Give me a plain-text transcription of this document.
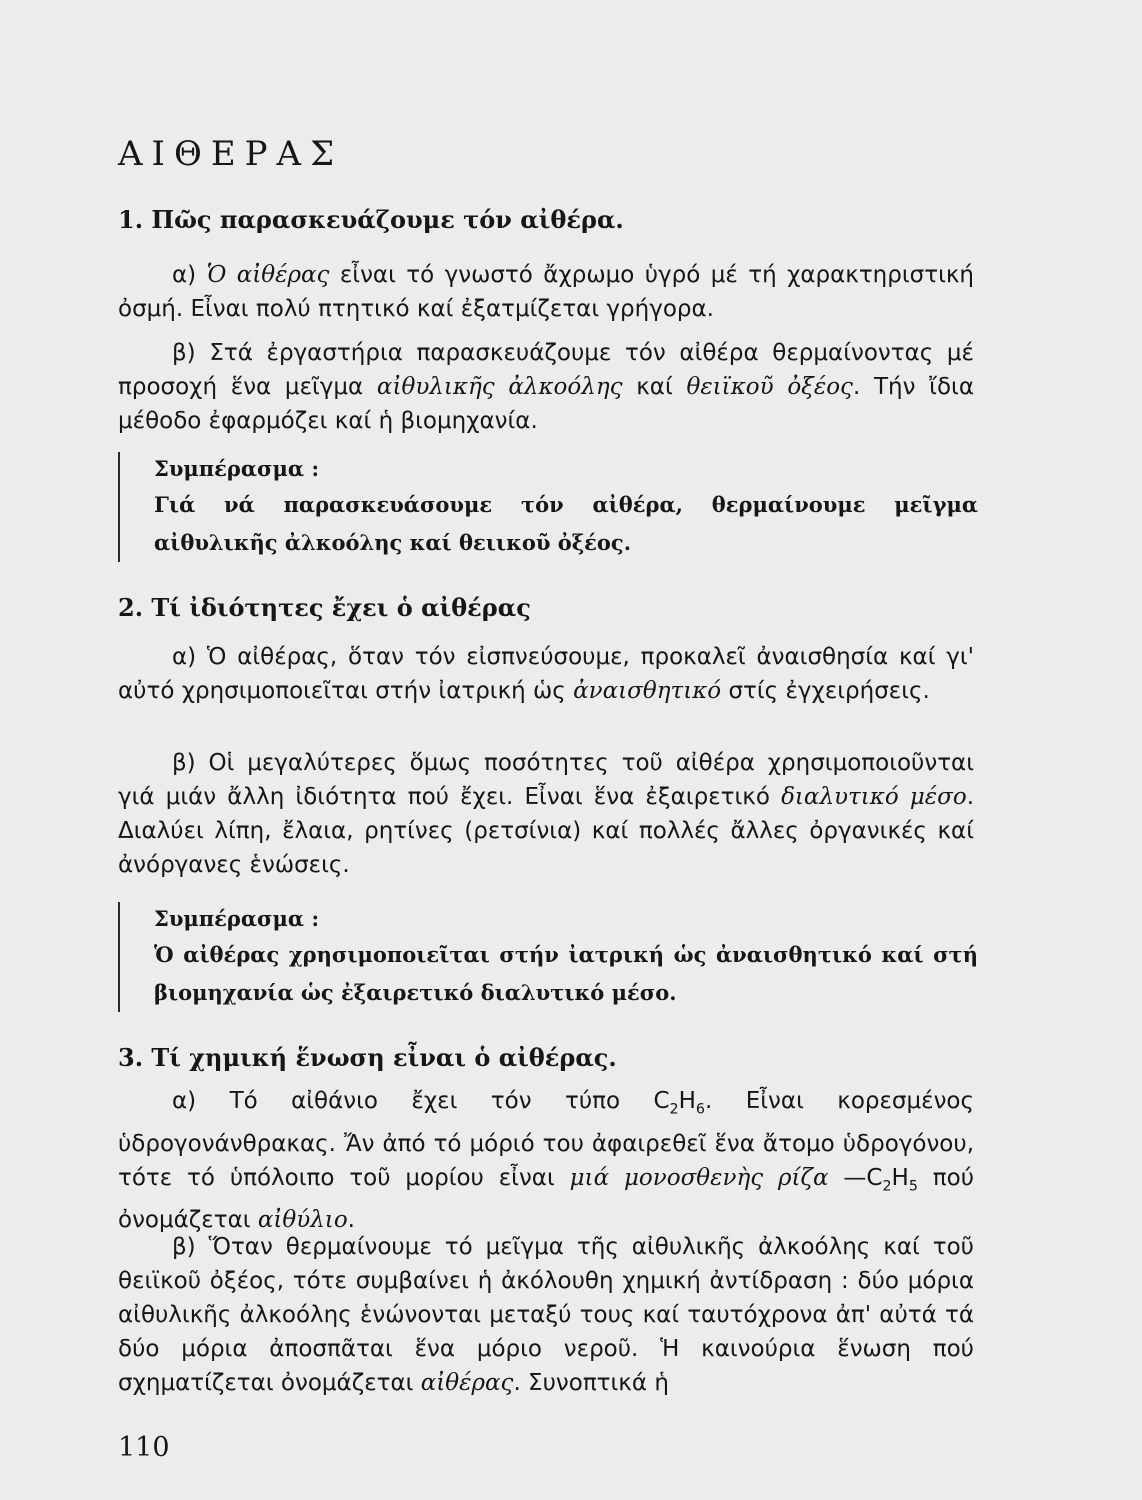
ΑΙΘΕΡΑΣ
1. Πῶς παρασκευάζουμε τόν αἰθέρα.

α) Ὁ αἰθέρας εἶναι τό γνωστό ἄχρωμο ὑγρό μέ τή χαρακτηριστική ὀσμή. Εἶναι πολύ πτητικό καί ἐξατμίζεται γρήγορα.

β) Στά ἐργαστήρια παρασκευάζουμε τόν αἰθέρα θερμαίνοντας μέ προσοχή ἕνα μεῖγμα αἰθυλικῆς ἀλκοόλης καί θειϊκοῦ ὀξέος. Τήν ἴδια μέθοδο ἐφαρμόζει καί ἡ βιομηχανία.

Συμπέρασμα :
Γιά νά παρασκευάσουμε τόν αἰθέρα, θερμαίνουμε μεῖγμα αἰθυλικῆς ἀλκοόλης καί θειικοῦ ὀξέος.
2. Τί ἰδιότητες ἔχει ὁ αἰθέρας

α) Ὁ αἰθέρας, ὅταν τόν εἰσπνεύσουμε, προκαλεῖ ἀναισθησία καί γι' αὐτό χρησιμοποιεῖται στήν ἰατρική ὡς ἀναισθητικό στίς ἐγχειρήσεις.

β) Οἱ μεγαλύτερες ὅμως ποσότητες τοῦ αἰθέρα χρησιμοποιοῦνται γιά μιάν ἄλλη ἰδιότητα πού ἔχει. Εἶναι ἕνα ἐξαιρετικό διαλυτικό μέσο. Διαλύει λίπη, ἔλαια, ρητίνες (ρετσίνια) καί πολλές ἄλλες ὀργανικές καί ἀνόργανες ἑνώσεις.

Συμπέρασμα :
Ὁ αἰθέρας χρησιμοποιεῖται στήν ἰατρική ὡς ἀναισθητικό καί στή βιομηχανία ὡς ἐξαιρετικό διαλυτικό μέσο.
3. Τί χημική ἕνωση εἶναι ὁ αἰθέρας.

α) Τό αἰθάνιο ἔχει τόν τύπο $C_2H_6$. Εἶναι κορεσμένος ὑδρογονάνθρακας. Ἄν ἀπό τό μόριό του ἀφαιρεθεῖ ἕνα ἄτομο ὑδρογόνου, τότε τό ὑπόλοιπο τοῦ μορίου εἶναι μιά μονοσθενὴς ρίζα $—C_2H_5$ πού ὀνομάζεται αἰθύλιο.

β) Ὅταν θερμαίνουμε τό μεῖγμα τῆς αἰθυλικῆς ἀλκοόλης καί τοῦ θειϊκοῦ ὀξέος, τότε συμβαίνει ἡ ἀκόλουθη χημική ἀντίδραση : δύο μόρια αἰθυλικῆς ἀλκοόλης ἑνώνονται μεταξύ τους καί ταυτόχρονα ἀπ' αὐτά τά δύο μόρια ἀποσπᾶται ἕνα μόριο νεροῦ. Ἡ καινούρια ἕνωση πού σχηματίζεται ὀνομάζεται αἰθέρας. Συνοπτικά ἡ

110
